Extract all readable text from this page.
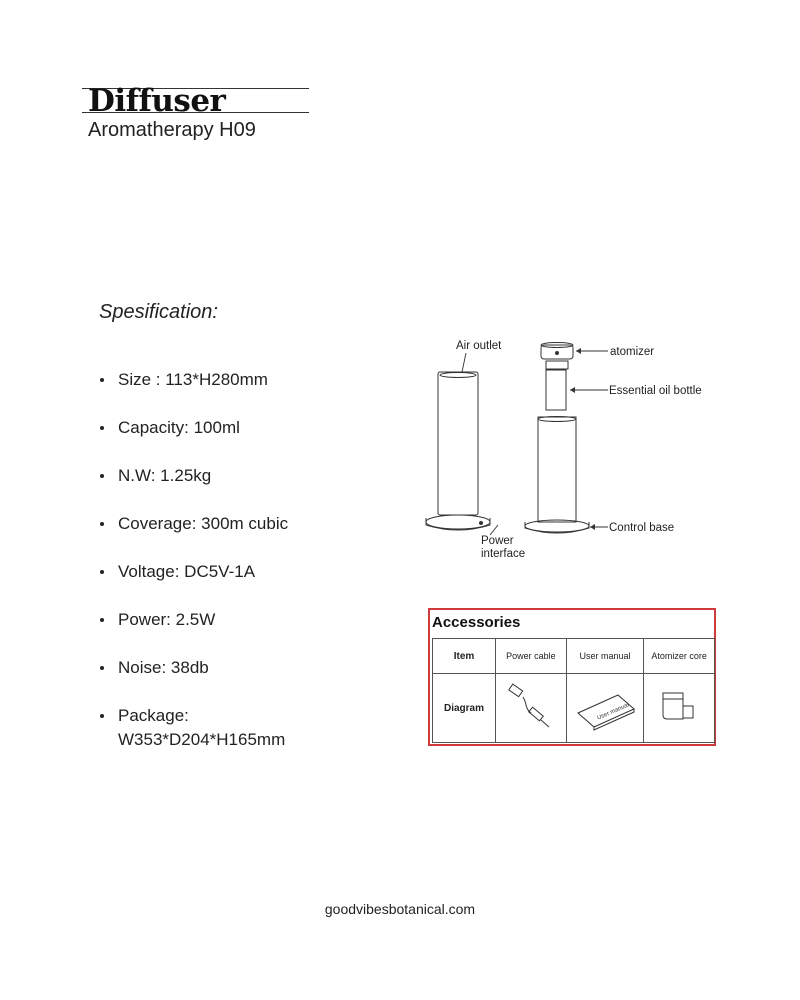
Diffuser

Aromatherapy H09

Spesification:
Size : 113*H280mm
Capacity: 100ml
N.W: 1.25kg
Coverage: 300m cubic
Voltage: DC5V-1A
Power: 2.5W
Noise: 38db
Package: W353*D204*H165mm
Air outlet	atomizer
Essential oil bottle
Control base
Power
interface
Accessories
Item	Power cable	User manual	Atomizer core
Diagram		User manual

goodvibesbotanical.com
